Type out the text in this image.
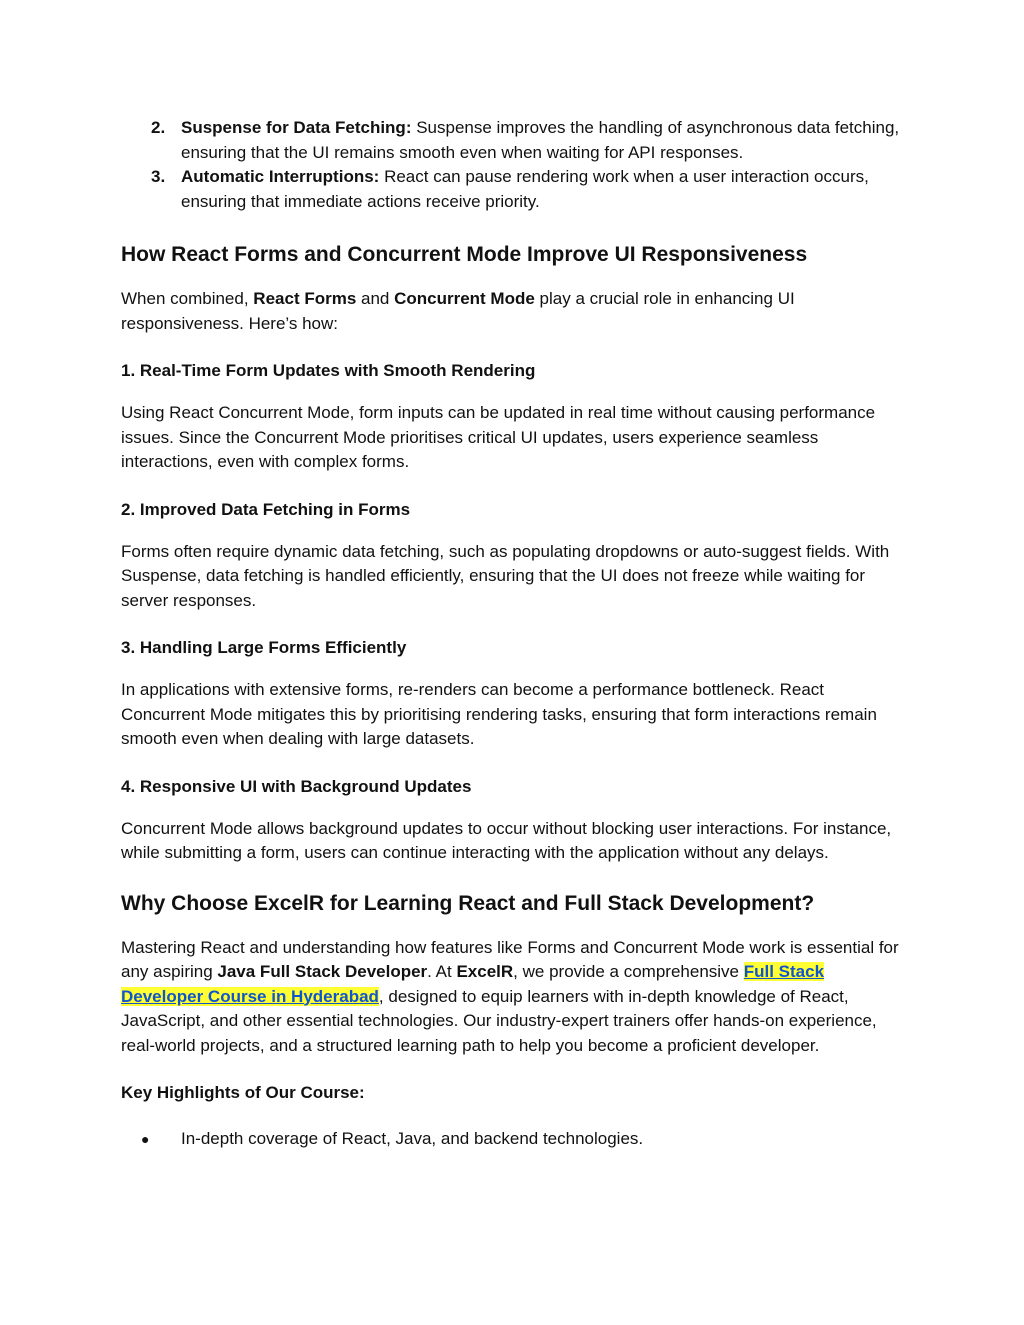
2. Suspense for Data Fetching: Suspense improves the handling of asynchronous data fetching, ensuring that the UI remains smooth even when waiting for API responses.
3. Automatic Interruptions: React can pause rendering work when a user interaction occurs, ensuring that immediate actions receive priority.
How React Forms and Concurrent Mode Improve UI Responsiveness

When combined, React Forms and Concurrent Mode play a crucial role in enhancing UI responsiveness. Here’s how:

1. Real-Time Form Updates with Smooth Rendering

Using React Concurrent Mode, form inputs can be updated in real time without causing performance issues. Since the Concurrent Mode prioritises critical UI updates, users experience seamless interactions, even with complex forms.

2. Improved Data Fetching in Forms

Forms often require dynamic data fetching, such as populating dropdowns or auto-suggest fields. With Suspense, data fetching is handled efficiently, ensuring that the UI does not freeze while waiting for server responses.

3. Handling Large Forms Efficiently

In applications with extensive forms, re-renders can become a performance bottleneck. React Concurrent Mode mitigates this by prioritising rendering tasks, ensuring that form interactions remain smooth even when dealing with large datasets.

4. Responsive UI with Background Updates

Concurrent Mode allows background updates to occur without blocking user interactions. For instance, while submitting a form, users can continue interacting with the application without any delays.

Why Choose ExcelR for Learning React and Full Stack Development?

Mastering React and understanding how features like Forms and Concurrent Mode work is essential for any aspiring Java Full Stack Developer. At ExcelR, we provide a comprehensive Full Stack Developer Course in Hyderabad, designed to equip learners with in-depth knowledge of React, JavaScript, and other essential technologies. Our industry-expert trainers offer hands-on experience, real-world projects, and a structured learning path to help you become a proficient developer.

Key Highlights of Our Course:
● In-depth coverage of React, Java, and backend technologies.
